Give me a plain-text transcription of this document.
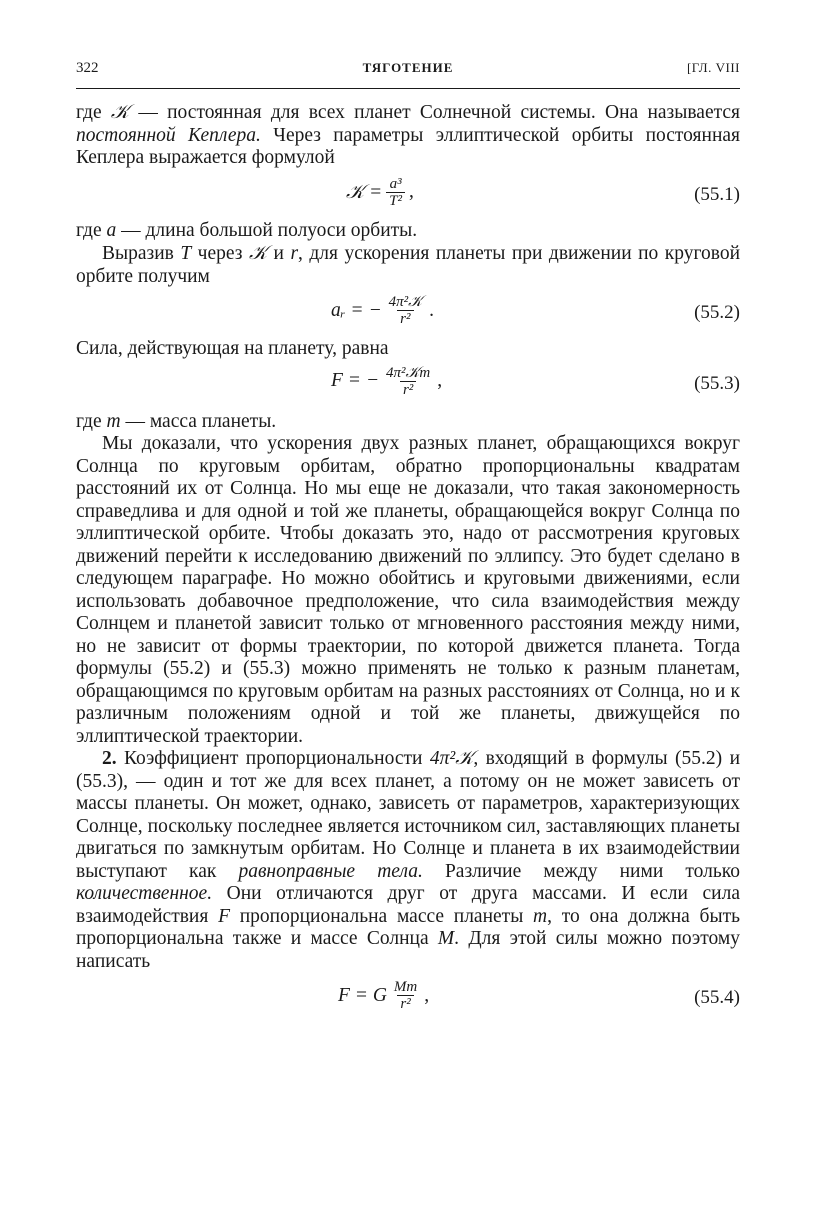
322	ТЯГОТЕНИЕ	[ГЛ. VIII

где 𝒦 — постоянная для всех планет Солнечной системы. Она называется постоянной Кеплера. Через параметры эллиптической орбиты постоянная Кеплера выражается формулой

𝒦 = $\frac{\text{a³}}{\text{T²}}$ ,	(55.1)

где a — длина большой полуоси орбиты.

Выразив T через 𝒦 и r, для ускорения планеты при движении по круговой орбите получим

aᵣ = − $\frac{\text{4π²𝒦}}{\text{r²}}$ .	(55.2)

Сила, действующая на планету, равна

F = − $\frac{\text{4π²𝒦m}}{\text{r²}}$ ,	(55.3)

где m — масса планеты.

Мы доказали, что ускорения двух разных планет, обращающихся вокруг Солнца по круговым орбитам, обратно пропорциональны квадратам расстояний их от Солнца. Но мы еще не доказали, что такая закономерность справедлива и для одной и той же планеты, обращающейся вокруг Солнца по эллиптической орбите. Чтобы доказать это, надо от рассмотрения круговых движений перейти к исследованию движений по эллипсу. Это будет сделано в следующем параграфе. Но можно обойтись и круговыми движениями, если использовать добавочное предположение, что сила взаимодействия между Солнцем и планетой зависит только от мгновенного расстояния между ними, но не зависит от формы траектории, по которой движется планета. Тогда формулы (55.2) и (55.3) можно применять не только к разным планетам, обращающимся по круговым орбитам на разных расстояниях от Солнца, но и к различным положениям одной и той же планеты, движущейся по эллиптической траектории.

2. Коэффициент пропорциональности 4π²𝒦, входящий в формулы (55.2) и (55.3), — один и тот же для всех планет, а потому он не может зависеть от массы планеты. Он может, однако, зависеть от параметров, характеризующих Солнце, поскольку последнее является источником сил, заставляющих планеты двигаться по замкнутым орбитам. Но Солнце и планета в их взаимодействии выступают как равноправные тела. Различие между ними только количественное. Они отличаются друг от друга массами. И если сила взаимодействия F пропорциональна массе планеты m, то она должна быть пропорциональна также и массе Солнца M. Для этой силы можно поэтому написать

F = G $\frac{Mm}{\text{r²}}$ ,	(55.4)
